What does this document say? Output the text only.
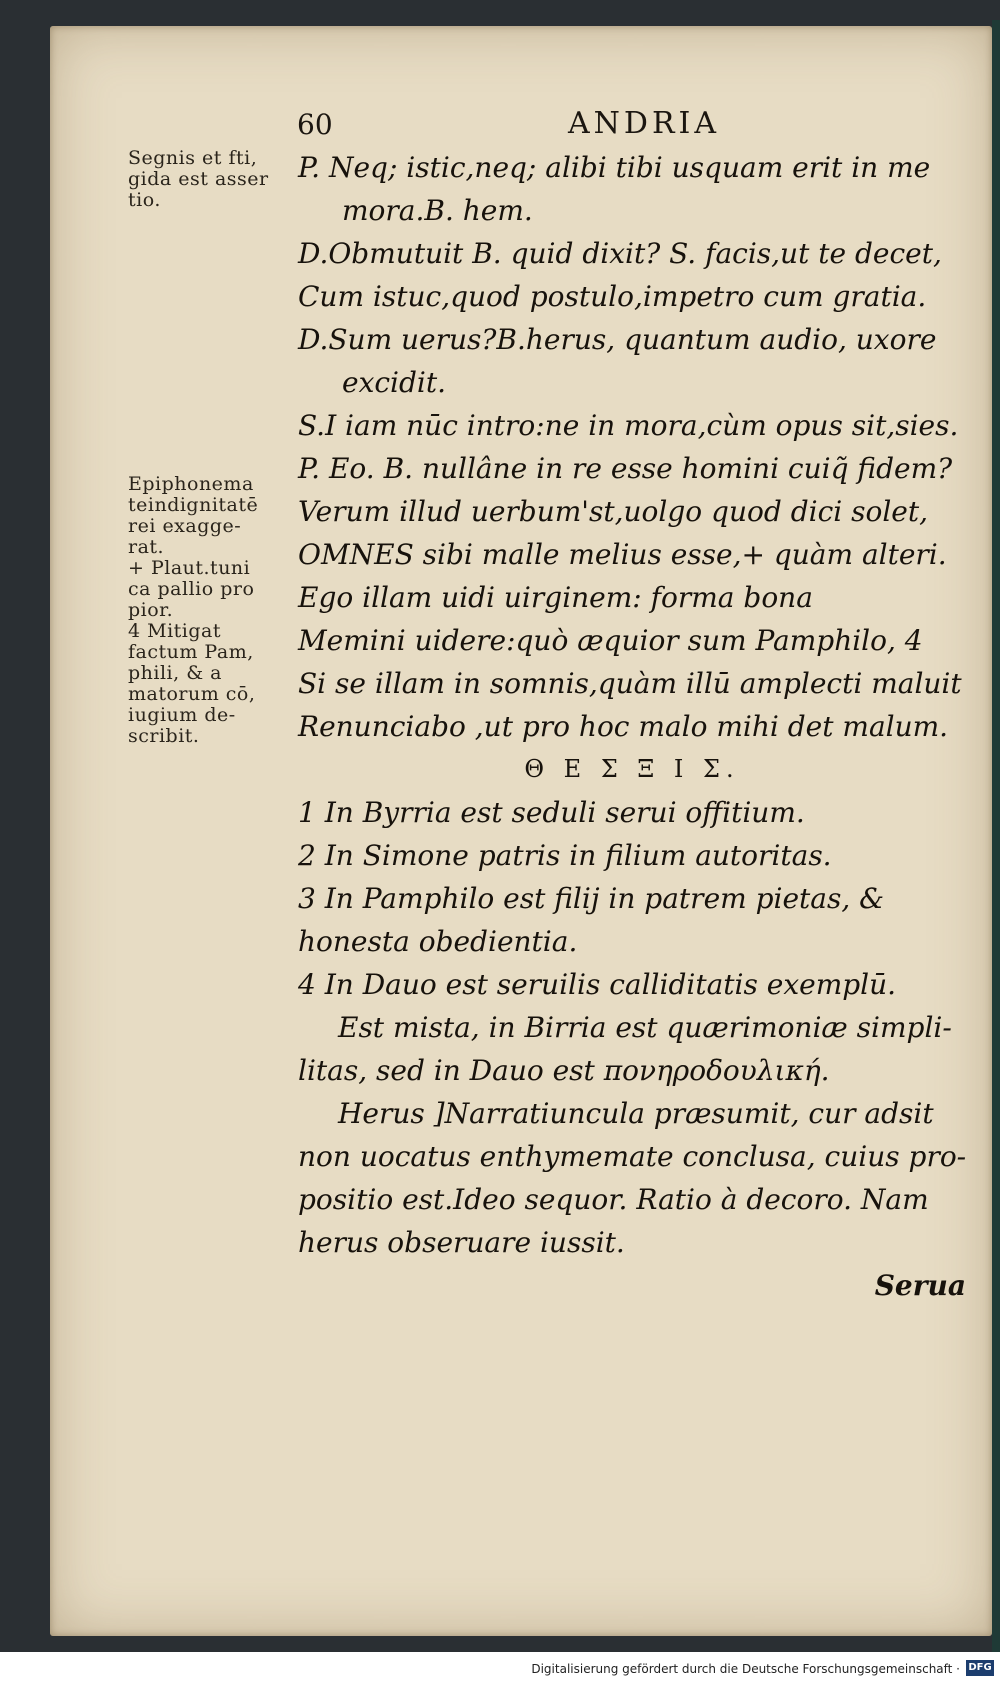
60	ANDRIA
Segnis et fti,
gida est asser
tio.
Epiphonema
teindignitatē
rei exagge-
rat.
+ Plaut.tuni
ca pallio pro
pior.
4 Mitigat
factum Pam,
phili, & a
matorum cō,
iugium de-
scribit.
P. Neq; istic,neq; alibi tibi usquam erit in me
mora.B. hem.
D.Obmutuit B. quid dixit? S. facis,ut te decet,
Cum istuc,quod postulo,impetro cum gratia.
D.Sum uerus?B.herus, quantum audio, uxore
excidit.
S.I iam nūc intro:ne in mora,cùm opus sit,sies.
P. Eo. B. nullâne in re esse homini cuiq̃ fidem?
Verum illud uerbum'st,uolgo quod dici solet,
OMNES sibi malle melius esse,+ quàm alteri.
Ego illam uidi uirginem: forma bona
Memini uidere:quò æquior sum Pamphilo, 4
Si se illam in somnis,quàm illū amplecti maluit
Renunciabo ,ut pro hoc malo mihi det malum.
Θ Ε Σ Ξ Ι Σ.
1 In Byrria est seduli serui offitium.
2 In Simone patris in filium autoritas.
3 In Pamphilo est filij in patrem pietas, &
honesta obedientia.
4 In Dauo est seruilis calliditatis exemplū.
Est mista, in Birria est quærimoniæ simpli-
litas, sed in Dauo est πονηροδουλική.
Herus ]Narratiuncula præsumit, cur adsit
non uocatus enthymemate conclusa, cuius pro-
positio est.Ideo sequor. Ratio à decoro. Nam
herus obseruare iussit.
Serua
Digitalisierung gefördert durch die Deutsche Forschungsgemeinschaft · DFG
